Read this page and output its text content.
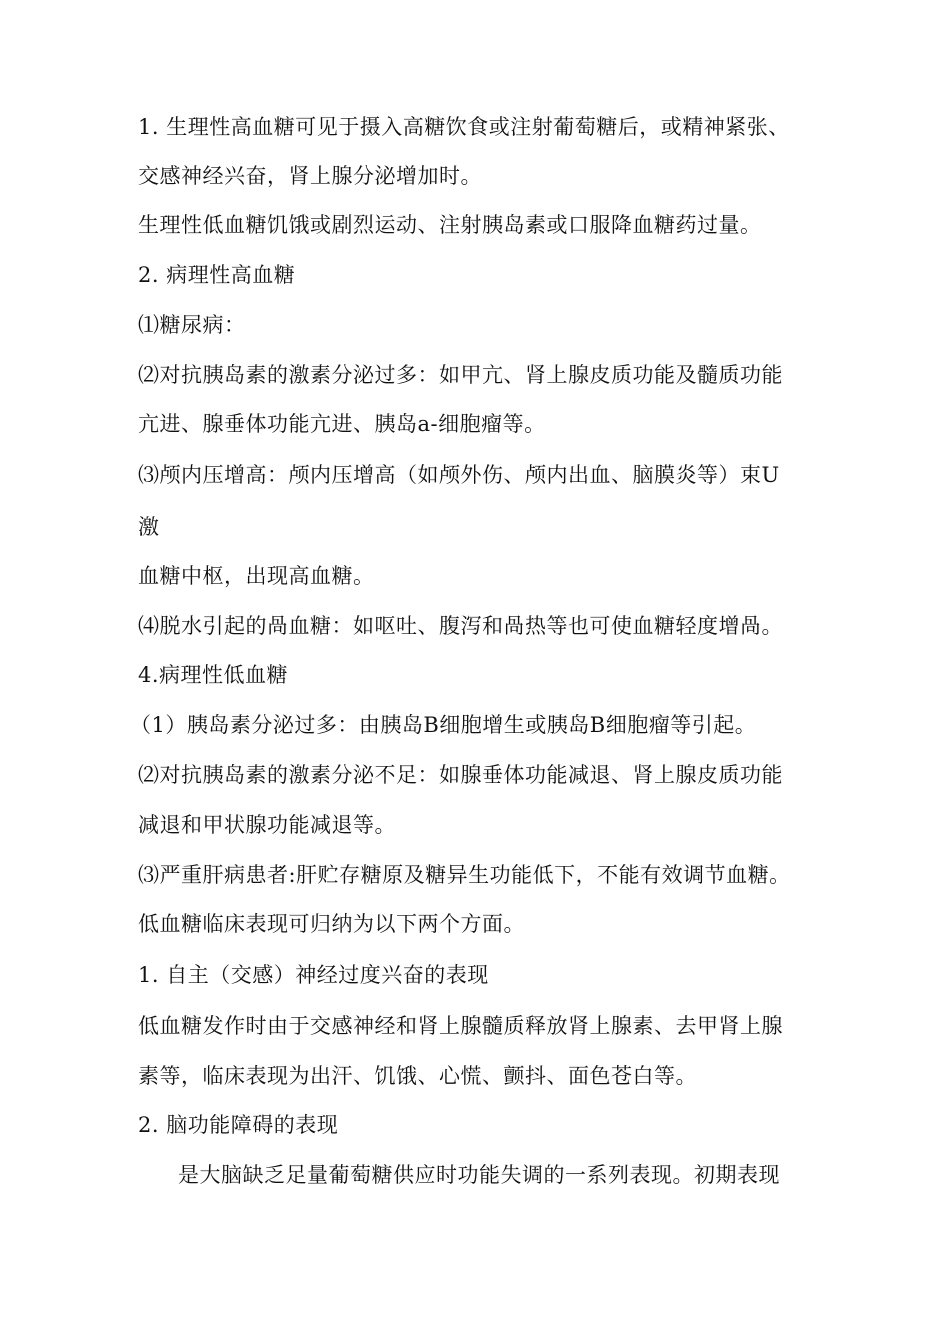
1. 生理性高血糖可见于摄入高糖饮食或注射葡萄糖后，或精神紧张、
交感神经兴奋，肾上腺分泌增加时。
生理性低血糖饥饿或剧烈运动、注射胰岛素或口服降血糖药过量。
2. 病理性高血糖
⑴糖尿病：
⑵对抗胰岛素的激素分泌过多：如甲亢、肾上腺皮质功能及髓质功能
亢进、腺垂体功能亢进、胰岛a-细胞瘤等。
⑶颅内压增高：颅内压增高（如颅外伤、颅内出血、脑膜炎等）束U
激
血糖中枢，出现高血糖。
⑷脱水引起的咼血糖：如呕吐、腹泻和咼热等也可使血糖轻度增咼。
4.病理性低血糖
（1）胰岛素分泌过多：由胰岛B细胞增生或胰岛B细胞瘤等引起。
⑵对抗胰岛素的激素分泌不足：如腺垂体功能减退、肾上腺皮质功能
减退和甲状腺功能减退等。
⑶严重肝病患者:肝贮存糖原及糖异生功能低下，不能有效调节血糖。
低血糖临床表现可归纳为以下两个方面。
1. 自主（交感）神经过度兴奋的表现
低血糖发作时由于交感神经和肾上腺髓质释放肾上腺素、去甲肾上腺
素等，临床表现为出汗、饥饿、心慌、颤抖、面色苍白等。
2. 脑功能障碍的表现
是大脑缺乏足量葡萄糖供应时功能失调的一系列表现。初期表现
